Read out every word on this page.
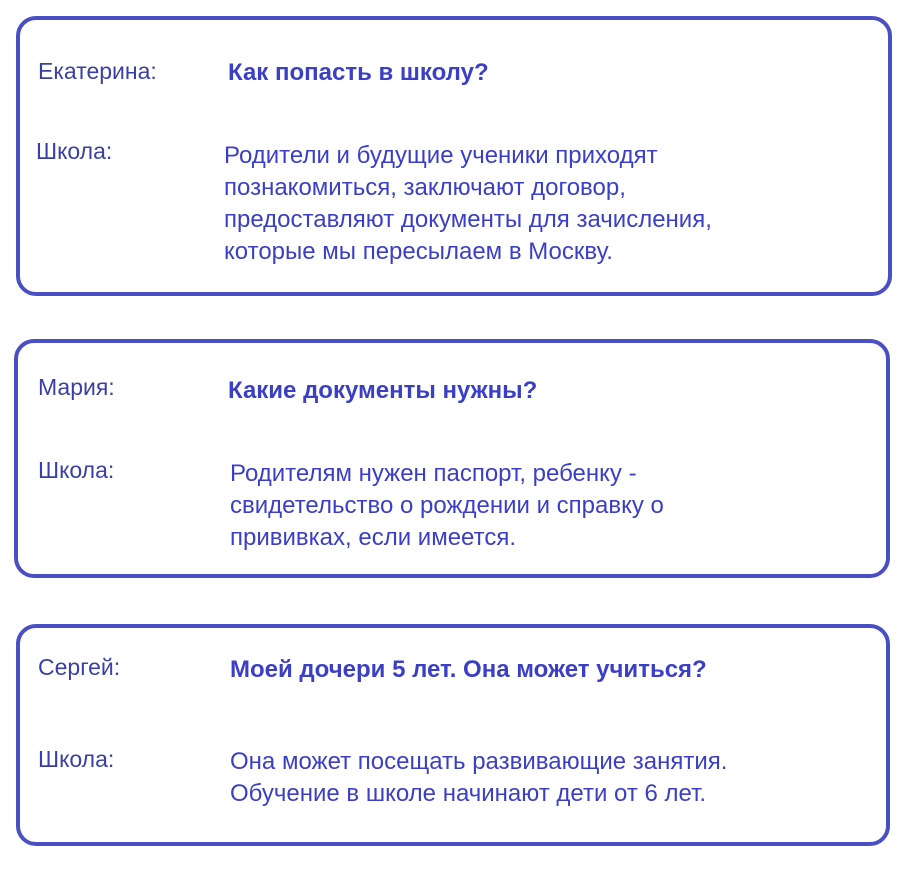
Екатерина:	Как попасть в школу?
Школа:	Родители и будущие ученики приходят
познакомиться, заключают договор,
предоставляют документы для зачисления,
которые мы пересылаем в Москву.
Мария:	Какие документы нужны?
Школа:	Родителям нужен паспорт, ребенку -
свидетельство о рождении и справку о
прививках, если имеется.
Сергей:	Моей дочери 5 лет. Она может учиться?
Школа:	Она может посещать развивающие занятия.
Обучение в школе начинают дети от 6 лет.
